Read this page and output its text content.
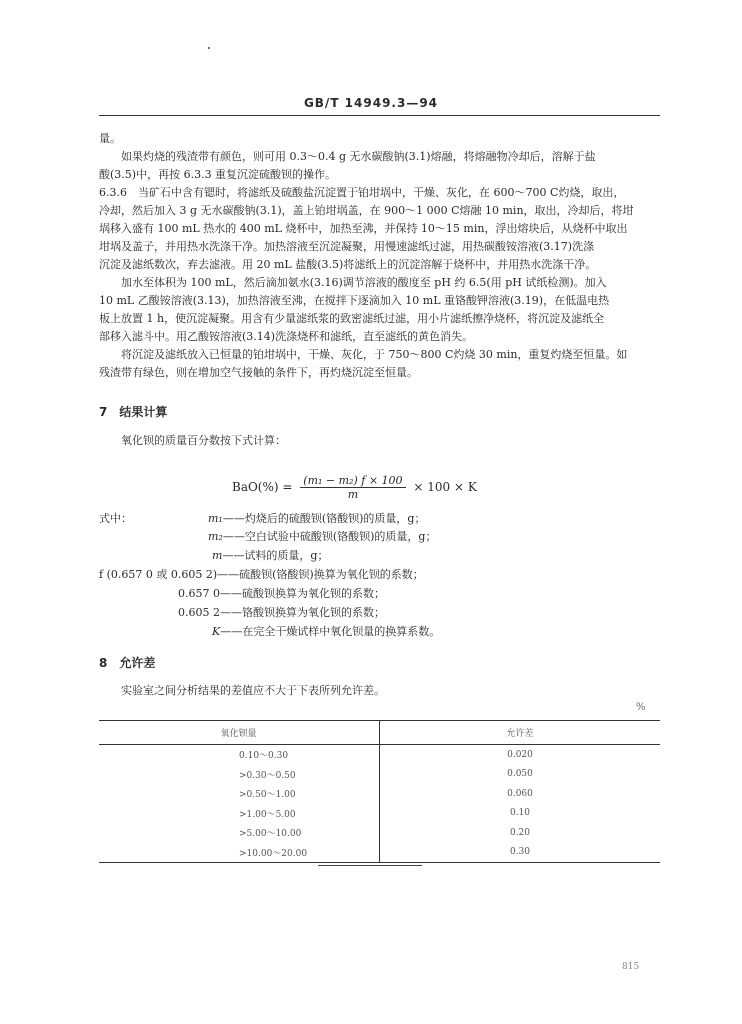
GB/T 14949.3—94
量。
如果灼烧的残渣带有颜色，则可用 0.3～0.4 g 无水碳酸钠(3.1)熔融，将熔融物冷却后，溶解于盐
酸(3.5)中，再按 6.3.3 重复沉淀硫酸钡的操作。
6.3.6　当矿石中含有锶时，将滤纸及硫酸盐沉淀置于铂坩埚中，干燥、灰化，在 600～700 C灼烧，取出，
冷却，然后加入 3 g 无水碳酸钠(3.1)，盖上铂坩埚盖，在 900～1 000 C熔融 10 min，取出，冷却后，将坩
埚移入盛有 100 mL 热水的 400 mL 烧杯中，加热至沸，并保持 10～15 min，浮出熔块后，从烧杯中取出
坩埚及盖子，并用热水洗涤干净。加热溶液至沉淀凝聚，用慢速滤纸过滤，用热碳酸铵溶液(3.17)洗涤
沉淀及滤纸数次，弃去滤液。用 20 mL 盐酸(3.5)将滤纸上的沉淀溶解于烧杯中，并用热水洗涤干净。
加水至体积为 100 mL，然后滴加氨水(3.16)调节溶液的酸度至 pH 约 6.5(用 pH 试纸检测)。加入
10 mL 乙酸铵溶液(3.13)，加热溶液至沸，在搅拌下逐滴加入 10 mL 重铬酸钾溶液(3.19)，在低温电热
板上放置 1 h，使沉淀凝聚。用含有少量滤纸浆的致密滤纸过滤，用小片滤纸擦净烧杯，将沉淀及滤纸全
部移入滤斗中。用乙酸铵溶液(3.14)洗涤烧杯和滤纸，直至滤纸的黄色消失。
将沉淀及滤纸放入已恒量的铂坩埚中，干燥、灰化，于 750～800 C灼烧 30 min，重复灼烧至恒量。如
残渣带有绿色，则在增加空气接触的条件下，再灼烧沉淀至恒量。
7　结果计算
氧化钡的质量百分数按下式计算：
$BaO(\%) = \frac{\text{(m₁ − m₂) f × 100}}{m} \times 100 \times K$
式中：	m₁——灼烧后的硫酸钡(铬酸钡)的质量，g；
m₂——空白试验中硫酸钡(铬酸钡)的质量，g；
m——试料的质量，g；
f (0.657 0 或 0.605 2)——硫酸钡(铬酸钡)换算为氧化钡的系数；
0.657 0——硫酸钡换算为氧化钡的系数；
0.605 2——铬酸钡换算为氧化钡的系数；
K——在完全干燥试样中氧化钡量的换算系数。
8　允许差
实验室之间分析结果的差值应不大于下表所列允许差。
%
氧化钡量	允许差
0.10～0.30	0.020
>0.30～0.50	0.050
>0.50～1.00	0.060
>1.00～5.00	0.10
>5.00～10.00	0.20
>10.00～20.00	0.30
815
